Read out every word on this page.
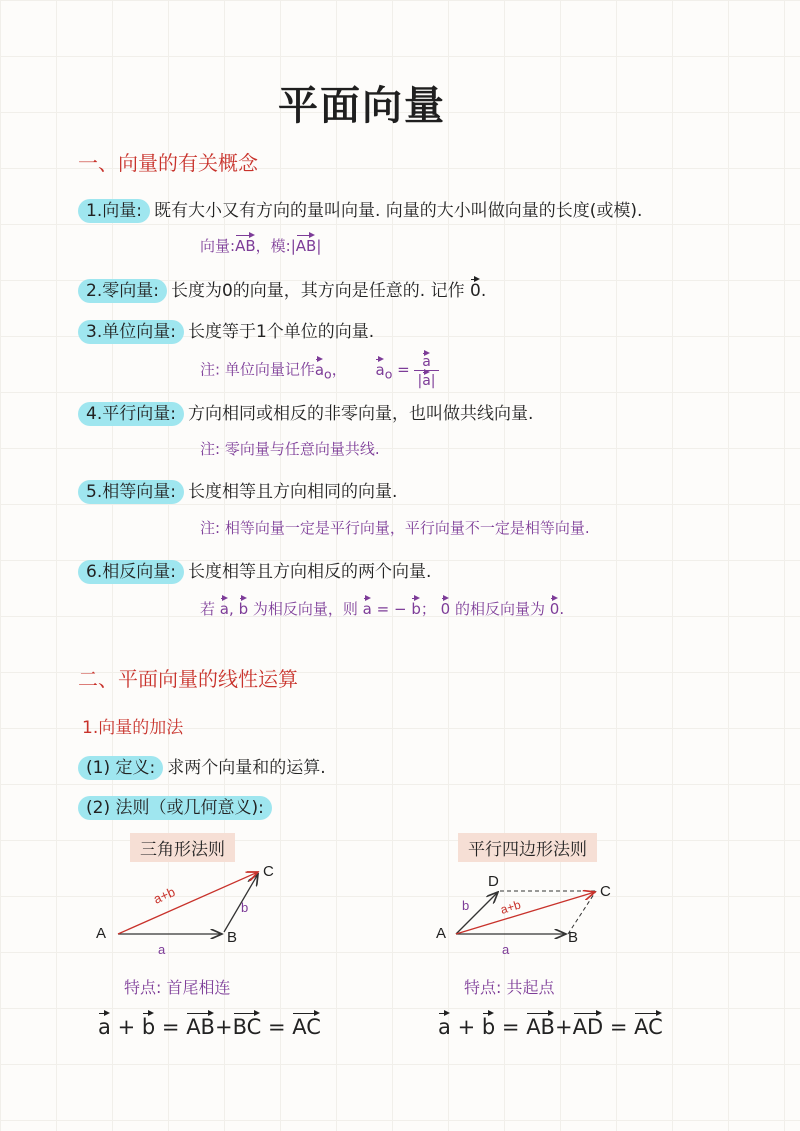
平面向量
一、向量的有关概念
1.向量: 既有大小又有方向的量叫向量. 向量的大小叫做向量的长度(或模).
向量:AB，模:|AB|
2.零向量: 长度为0的向量，其方向是任意的. 记作 0.
3.单位向量: 长度等于1个单位的向量.
注: 单位向量记作$a_o$， $a_o = \frac{a}{|a|}$
4.平行向量: 方向相同或相反的非零向量，也叫做共线向量.
注: 零向量与任意向量共线.
5.相等向量: 长度相等且方向相同的向量.
注: 相等向量一定是平行向量，平行向量不一定是相等向量.
6.相反向量: 长度相等且方向相反的两个向量.
若 a, b 为相反向量，则 a = − b； 0 的相反向量为 0.
二、平面向量的线性运算
1.向量的加法
(1) 定义: 求两个向量和的运算.
(2) 法则（或几何意义):
三角形法则
A	B
C
a
b
a+b
特点: 首尾相连
a + b = AB+BC = AC
平行四边形法则
A	B
C
D
a
b a+b
特点: 共起点
a + b = AB+AD = AC
